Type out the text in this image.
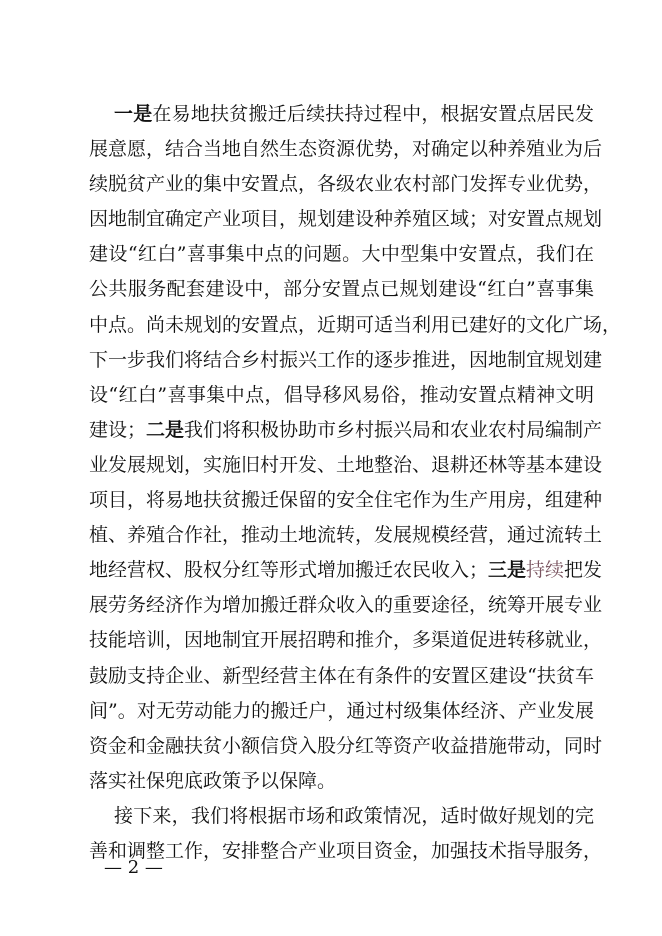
一是在易地扶贫搬迁后续扶持过程中，根据安置点居民发
展意愿，结合当地自然生态资源优势，对确定以种养殖业为后
续脱贫产业的集中安置点，各级农业农村部门发挥专业优势，
因地制宜确定产业项目，规划建设种养殖区域；对安置点规划
建设“红白”喜事集中点的问题。大中型集中安置点，我们在
公共服务配套建设中，部分安置点已规划建设“红白”喜事集
中点。尚未规划的安置点，近期可适当利用已建好的文化广场，
下一步我们将结合乡村振兴工作的逐步推进，因地制宜规划建
设“红白”喜事集中点，倡导移风易俗，推动安置点精神文明
建设；二是我们将积极协助市乡村振兴局和农业农村局编制产
业发展规划，实施旧村开发、土地整治、退耕还林等基本建设
项目，将易地扶贫搬迁保留的安全住宅作为生产用房，组建种
植、养殖合作社，推动土地流转，发展规模经营，通过流转土
地经营权、股权分红等形式增加搬迁农民收入；三是持续把发
展劳务经济作为增加搬迁群众收入的重要途径，统筹开展专业
技能培训，因地制宜开展招聘和推介，多渠道促进转移就业，
鼓励支持企业、新型经营主体在有条件的安置区建设“扶贫车
间”。对无劳动能力的搬迁户，通过村级集体经济、产业发展
资金和金融扶贫小额信贷入股分红等资产收益措施带动，同时
落实社保兜底政策予以保障。
接下来，我们将根据市场和政策情况，适时做好规划的完
善和调整工作，安排整合产业项目资金，加强技术指导服务，
— 2 —
